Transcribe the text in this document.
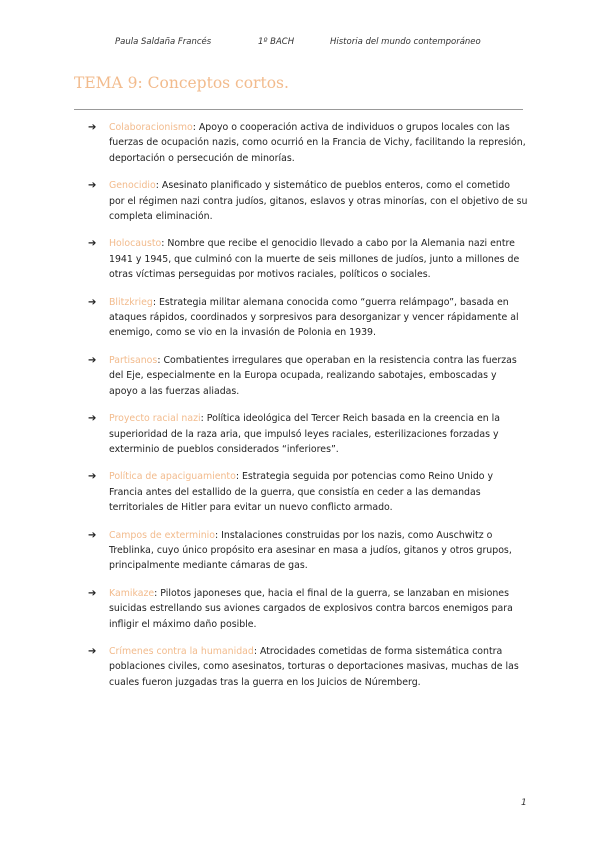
Paula Saldaña Francés	1º BACH	Historia del mundo contemporáneo
TEMA 9: Conceptos cortos.
➔ Colaboracionismo: Apoyo o cooperación activa de individuos o grupos locales con las fuerzas de ocupación nazis, como ocurrió en la Francia de Vichy, facilitando la represión, deportación o persecución de minorías.
➔ Genocidio: Asesinato planificado y sistemático de pueblos enteros, como el cometido por el régimen nazi contra judíos, gitanos, eslavos y otras minorías, con el objetivo de su completa eliminación.
➔ Holocausto: Nombre que recibe el genocidio llevado a cabo por la Alemania nazi entre 1941 y 1945, que culminó con la muerte de seis millones de judíos, junto a millones de otras víctimas perseguidas por motivos raciales, políticos o sociales.
➔ Blitzkrieg: Estrategia militar alemana conocida como “guerra relámpago”, basada en ataques rápidos, coordinados y sorpresivos para desorganizar y vencer rápidamente al enemigo, como se vio en la invasión de Polonia en 1939.
➔ Partisanos: Combatientes irregulares que operaban en la resistencia contra las fuerzas del Eje, especialmente en la Europa ocupada, realizando sabotajes, emboscadas y apoyo a las fuerzas aliadas.
➔ Proyecto racial nazi: Política ideológica del Tercer Reich basada en la creencia en la superioridad de la raza aria, que impulsó leyes raciales, esterilizaciones forzadas y exterminio de pueblos considerados “inferiores”.
➔ Política de apaciguamiento: Estrategia seguida por potencias como Reino Unido y Francia antes del estallido de la guerra, que consistía en ceder a las demandas territoriales de Hitler para evitar un nuevo conflicto armado.
➔ Campos de exterminio: Instalaciones construidas por los nazis, como Auschwitz o Treblinka, cuyo único propósito era asesinar en masa a judíos, gitanos y otros grupos, principalmente mediante cámaras de gas.
➔ Kamikaze: Pilotos japoneses que, hacia el final de la guerra, se lanzaban en misiones suicidas estrellando sus aviones cargados de explosivos contra barcos enemigos para infligir el máximo daño posible.
➔ Crímenes contra la humanidad: Atrocidades cometidas de forma sistemática contra poblaciones civiles, como asesinatos, torturas o deportaciones masivas, muchas de las cuales fueron juzgadas tras la guerra en los Juicios de Núremberg.
1
